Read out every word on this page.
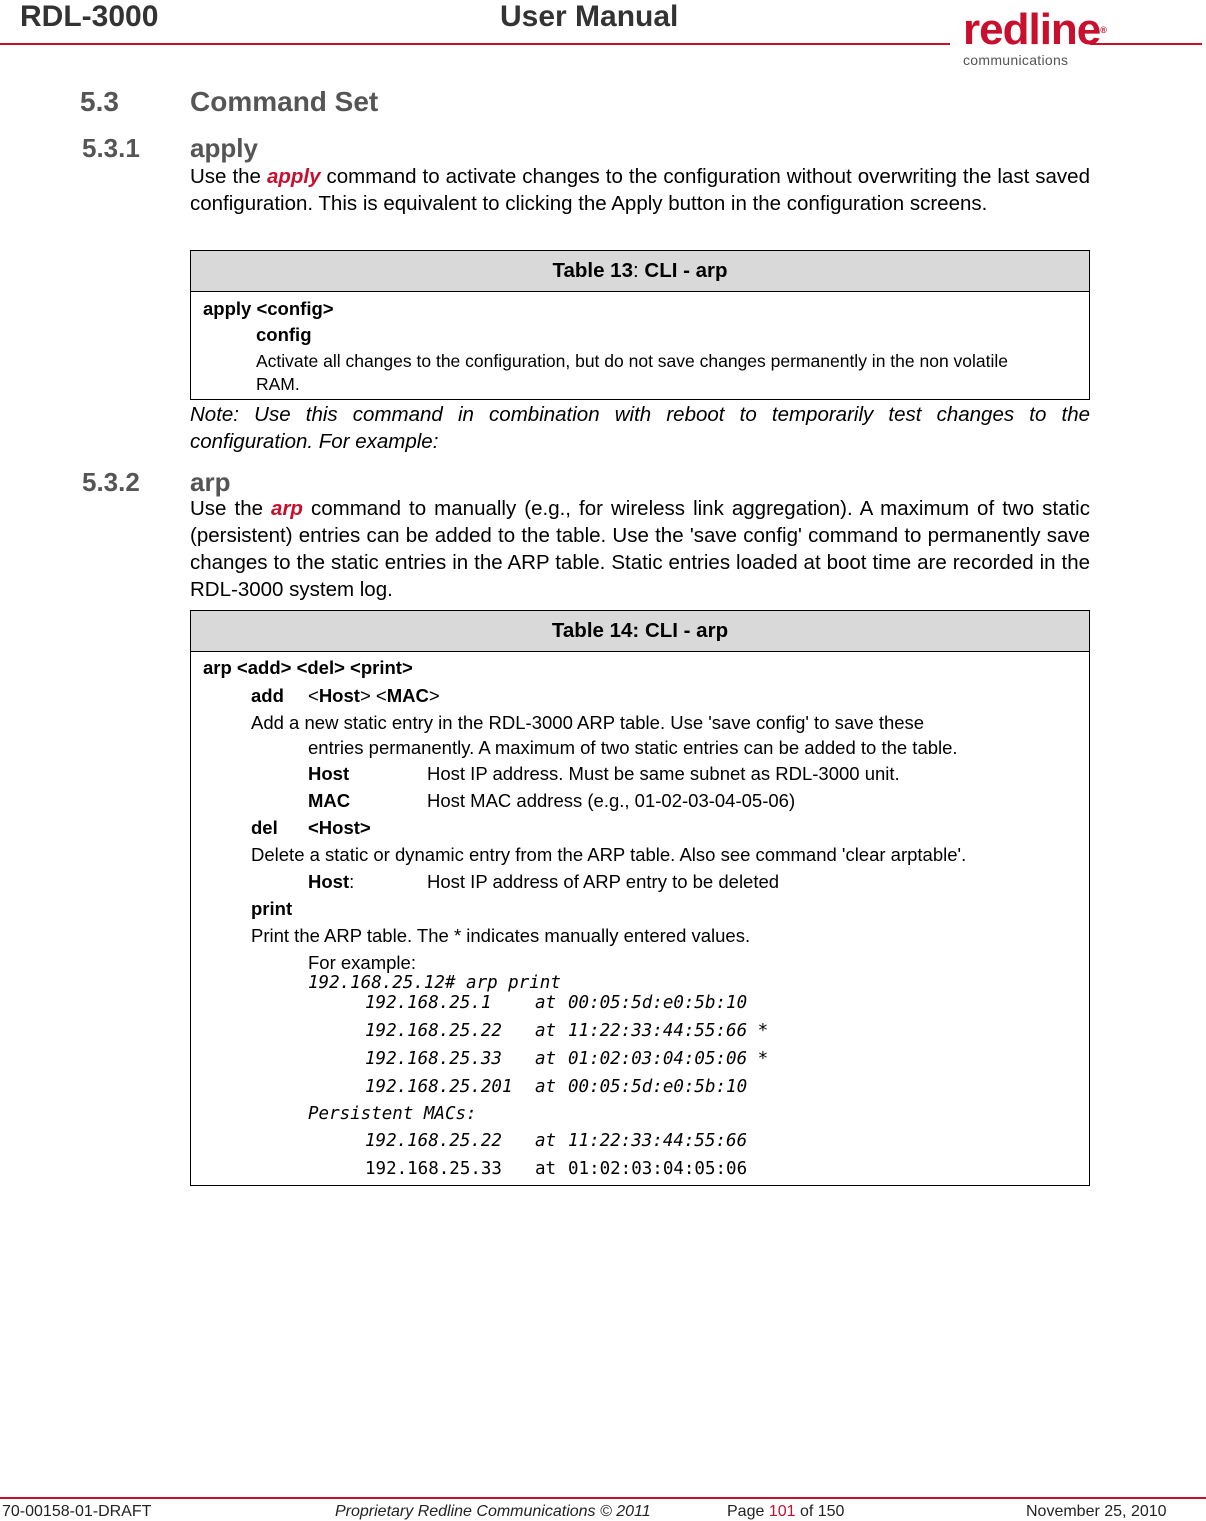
RDL-3000	User Manual	redline®
communications
5.3	Command Set
5.3.1 apply
Use the apply command to activate changes to the configuration without overwriting the last saved configuration. This is equivalent to clicking the Apply button in the configuration screens.
Table 13: CLI - arp
apply <config>
config
Activate all changes to the configuration, but do not save changes permanently in the non volatile RAM.
Note: Use this command in combination with reboot to temporarily test changes to the configuration. For example:
5.3.2 arp
Use the arp command to manually (e.g., for wireless link aggregation). A maximum of two static (persistent) entries can be added to the table. Use the 'save config' command to permanently save changes to the static entries in the ARP table. Static entries loaded at boot time are recorded in the RDL-3000 system log.
Table 14: CLI - arp
arp <add> <del> <print>
add <Host> <MAC>
Add a new static entry in the RDL-3000 ARP table. Use 'save config' to save these
entries permanently. A maximum of two static entries can be added to the table.
Host	Host IP address. Must be same subnet as RDL-3000 unit.
MAC	Host MAC address (e.g., 01-02-03-04-05-06)
del <Host>
Delete a static or dynamic entry from the ARP table. Also see command 'clear arptable'.
Host:	Host IP address of ARP entry to be deleted
print
Print the ARP table. The * indicates manually entered values.
For example:
192.168.25.12# arp print
192.168.25.1 at 00:05:5d:e0:5b:10
192.168.25.22 at 11:22:33:44:55:66 *
192.168.25.33 at 01:02:03:04:05:06 *
192.168.25.201 at 00:05:5d:e0:5b:10
Persistent MACs:
192.168.25.22 at 11:22:33:44:55:66
192.168.25.33 at 01:02:03:04:05:06
70-00158-01-DRAFT	Proprietary Redline Communications © 2011	Page 101 of 150	November 25, 2010
